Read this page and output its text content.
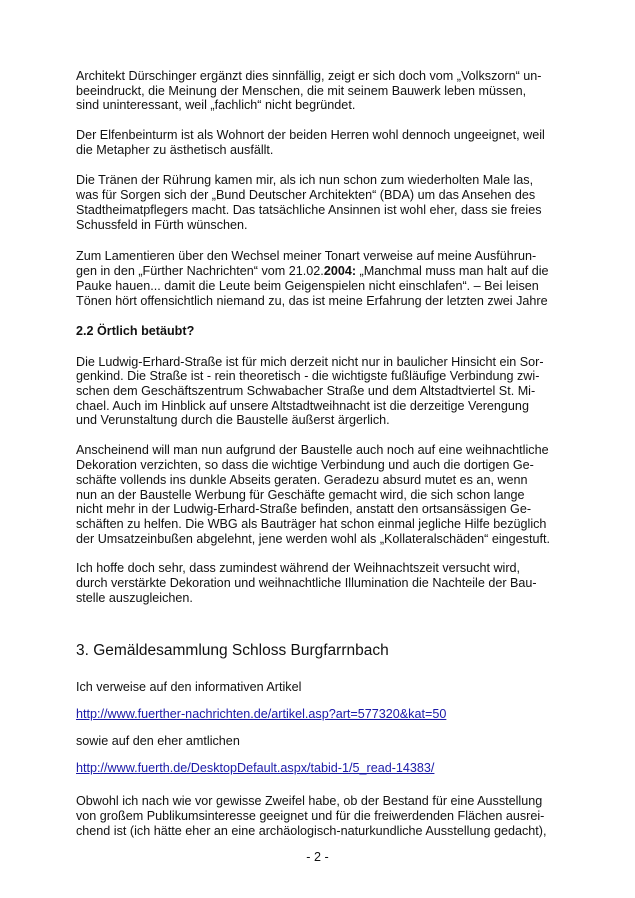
Architekt Dürschinger ergänzt dies sinnfällig, zeigt er sich doch vom „Volkszorn“ un-
beeindruckt, die Meinung der Menschen, die mit seinem Bauwerk leben müssen,
sind uninteressant, weil „fachlich“ nicht begründet.
Der Elfenbeinturm ist als Wohnort der beiden Herren wohl dennoch ungeeignet, weil
die Metapher zu ästhetisch ausfällt.
Die Tränen der Rührung kamen mir, als ich nun schon zum wiederholten Male las,
was für Sorgen sich der „Bund Deutscher Architekten“ (BDA) um das Ansehen des
Stadtheimatpflegers macht. Das tatsächliche Ansinnen ist wohl eher, dass sie freies
Schussfeld in Fürth wünschen.
Zum Lamentieren über den Wechsel meiner Tonart verweise auf meine Ausführun-
gen in den „Fürther Nachrichten“ vom 21.02.2004: „Manchmal muss man halt auf die
Pauke hauen... damit die Leute beim Geigenspielen nicht einschlafen“. – Bei leisen
Tönen hört offensichtlich niemand zu, das ist meine Erfahrung der letzten zwei Jahre
2.2 Örtlich betäubt?
Die Ludwig-Erhard-Straße ist für mich derzeit nicht nur in baulicher Hinsicht ein Sor-
genkind. Die Straße ist - rein theoretisch - die wichtigste fußläufige Verbindung zwi-
schen dem Geschäftszentrum Schwabacher Straße und dem Altstadtviertel St. Mi-
chael. Auch im Hinblick auf unsere Altstadtweihnacht ist die derzeitige Verengung
und Verunstaltung durch die Baustelle äußerst ärgerlich.
Anscheinend will man nun aufgrund der Baustelle auch noch auf eine weihnachtliche
Dekoration verzichten, so dass die wichtige Verbindung und auch die dortigen Ge-
schäfte vollends ins dunkle Abseits geraten. Geradezu absurd mutet es an, wenn
nun an der Baustelle Werbung für Geschäfte gemacht wird, die sich schon lange
nicht mehr in der Ludwig-Erhard-Straße befinden, anstatt den ortsansässigen Ge-
schäften zu helfen. Die WBG als Bauträger hat schon einmal jegliche Hilfe bezüglich
der Umsatzeinbußen abgelehnt, jene werden wohl als „Kollateralschäden“ eingestuft.
Ich hoffe doch sehr, dass zumindest während der Weihnachtszeit versucht wird,
durch verstärkte Dekoration und weihnachtliche Illumination die Nachteile der Bau-
stelle auszugleichen.
3. Gemäldesammlung Schloss Burgfarrnbach
Ich verweise auf den informativen Artikel
http://www.fuerther-nachrichten.de/artikel.asp?art=577320&kat=50
sowie auf den eher amtlichen
http://www.fuerth.de/DesktopDefault.aspx/tabid-1/5_read-14383/
Obwohl ich nach wie vor gewisse Zweifel habe, ob der Bestand für eine Ausstellung
von großem Publikumsinteresse geeignet und für die freiwerdenden Flächen ausrei-
chend ist (ich hätte eher an eine archäologisch-naturkundliche Ausstellung gedacht),
- 2 -
